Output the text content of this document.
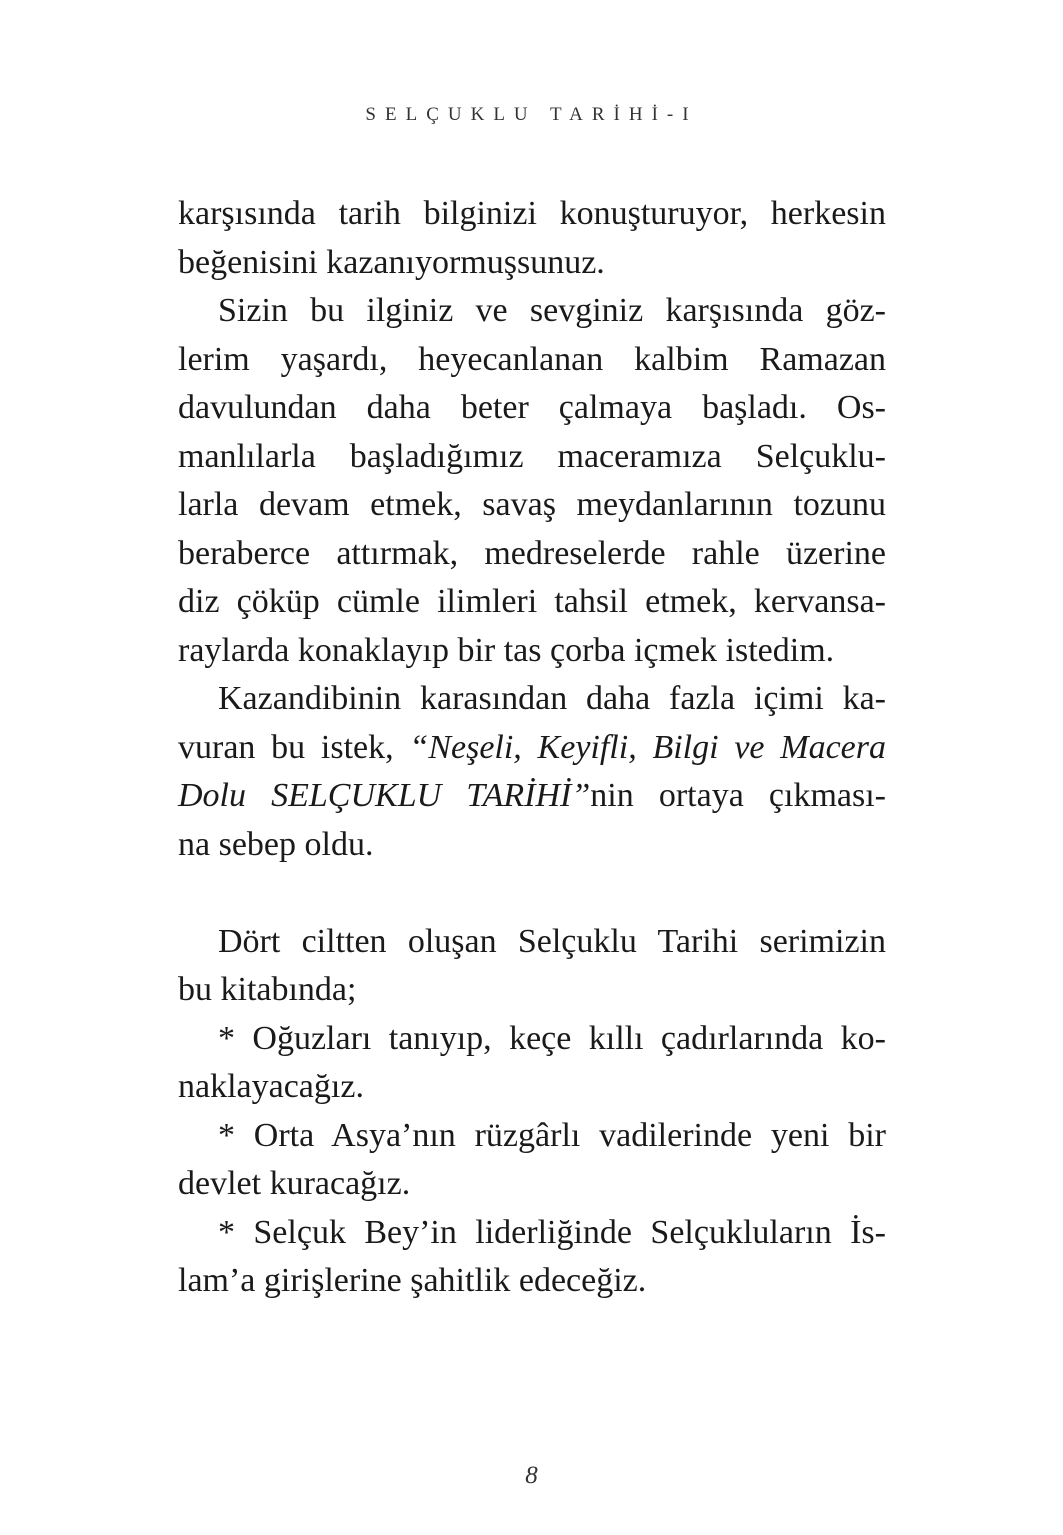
SELÇUKLU TARİHİ-I
karşısında tarih bilginizi konuşturuyor, herkesin
beğenisini kazanıyormuşsunuz.
Sizin bu ilginiz ve sevginiz karşısında göz-
lerim yaşardı, heyecanlanan kalbim Ramazan
davulundan daha beter çalmaya başladı. Os-
manlılarla başladığımız maceramıza Selçuklu-
larla devam etmek, savaş meydanlarının tozunu
beraberce attırmak, medreselerde rahle üzerine
diz çöküp cümle ilimleri tahsil etmek, kervansa-
raylarda konaklayıp bir tas çorba içmek istedim.
Kazandibinin karasından daha fazla içimi ka-
vuran bu istek, “Neşeli, Keyifli, Bilgi ve Macera
Dolu SELÇUKLU TARİHİ”nin ortaya çıkması-
na sebep oldu.
Dört ciltten oluşan Selçuklu Tarihi serimizin
bu kitabında;
* Oğuzları tanıyıp, keçe kıllı çadırlarında ko-
naklayacağız.
* Orta Asya’nın rüzgârlı vadilerinde yeni bir
devlet kuracağız.
* Selçuk Bey’in liderliğinde Selçukluların İs-
lam’a girişlerine şahitlik edeceğiz.
8
